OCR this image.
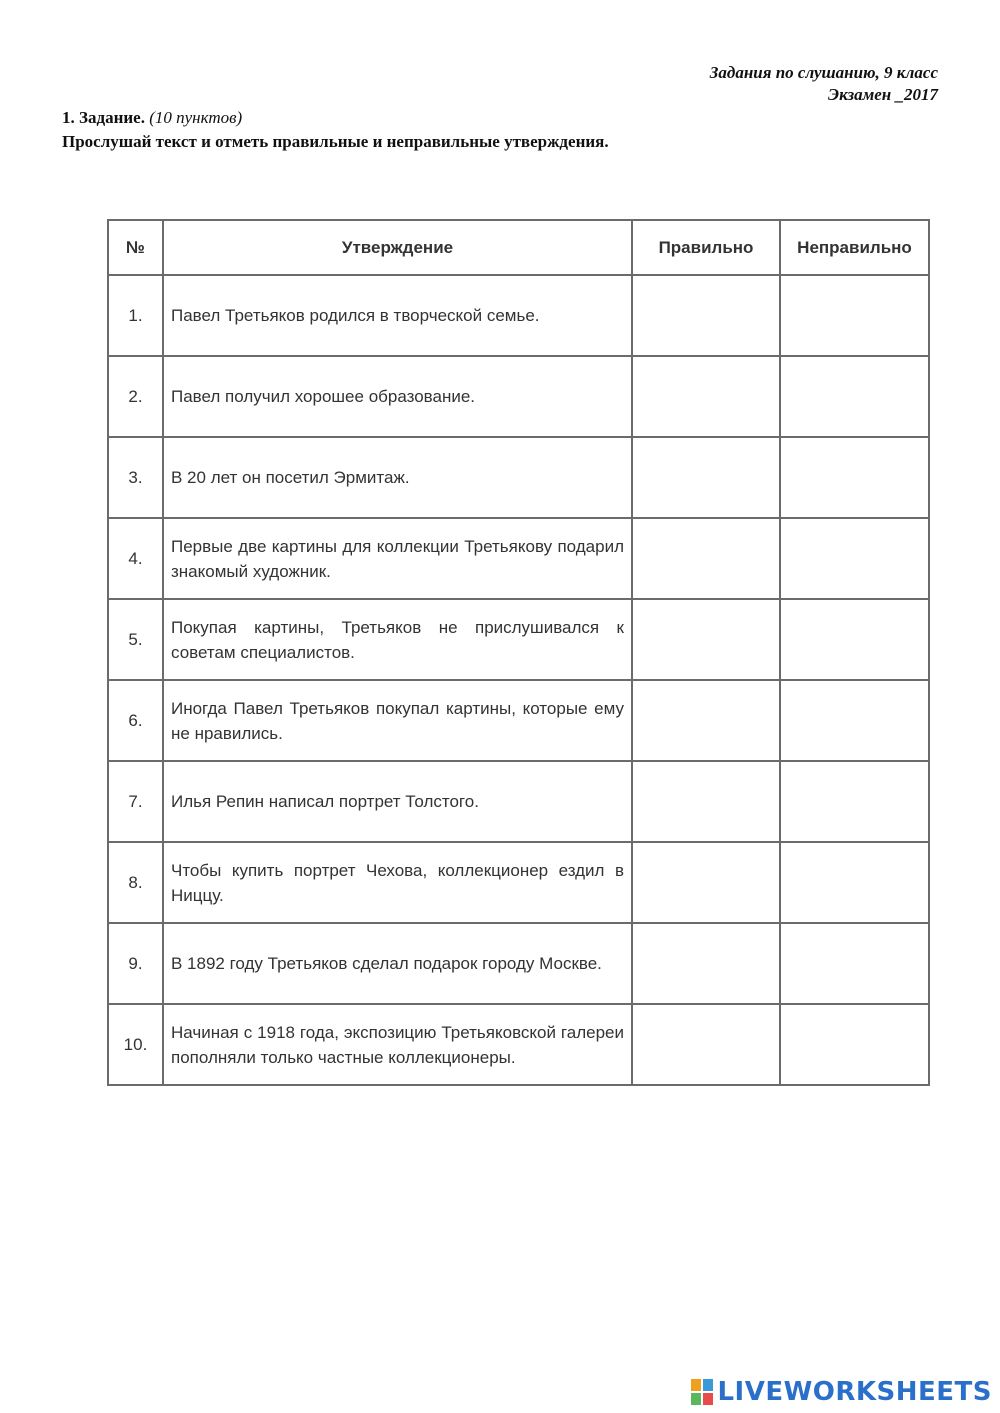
Задания по слушанию, 9 класс
Экзамен _2017
1. Задание. (10 пунктов)
Прослушай текст и отметь правильные и неправильные утверждения.
№	Утверждение	Правильно	Неправильно
1.	Павел Третьяков родился в творческой семье.		
2.	Павел получил хорошее образование.		
3.	В 20 лет он посетил Эрмитаж.		
4.	Первые две картины для коллекции Третьякову подарил знакомый художник.		
5.	Покупая картины, Третьяков не прислушивался к советам специалистов.		
6.	Иногда Павел Третьяков покупал картины, которые ему не нравились.		
7.	Илья Репин написал портрет Толстого.		
8.	Чтобы купить портрет Чехова, коллекционер ездил в Ниццу.		
9.	В 1892 году Третьяков сделал подарок городу Москве.		
10.	Начиная с 1918 года, экспозицию Третьяковской галереи пополняли только частные коллекционеры.		
LIVEWORKSHEETS
